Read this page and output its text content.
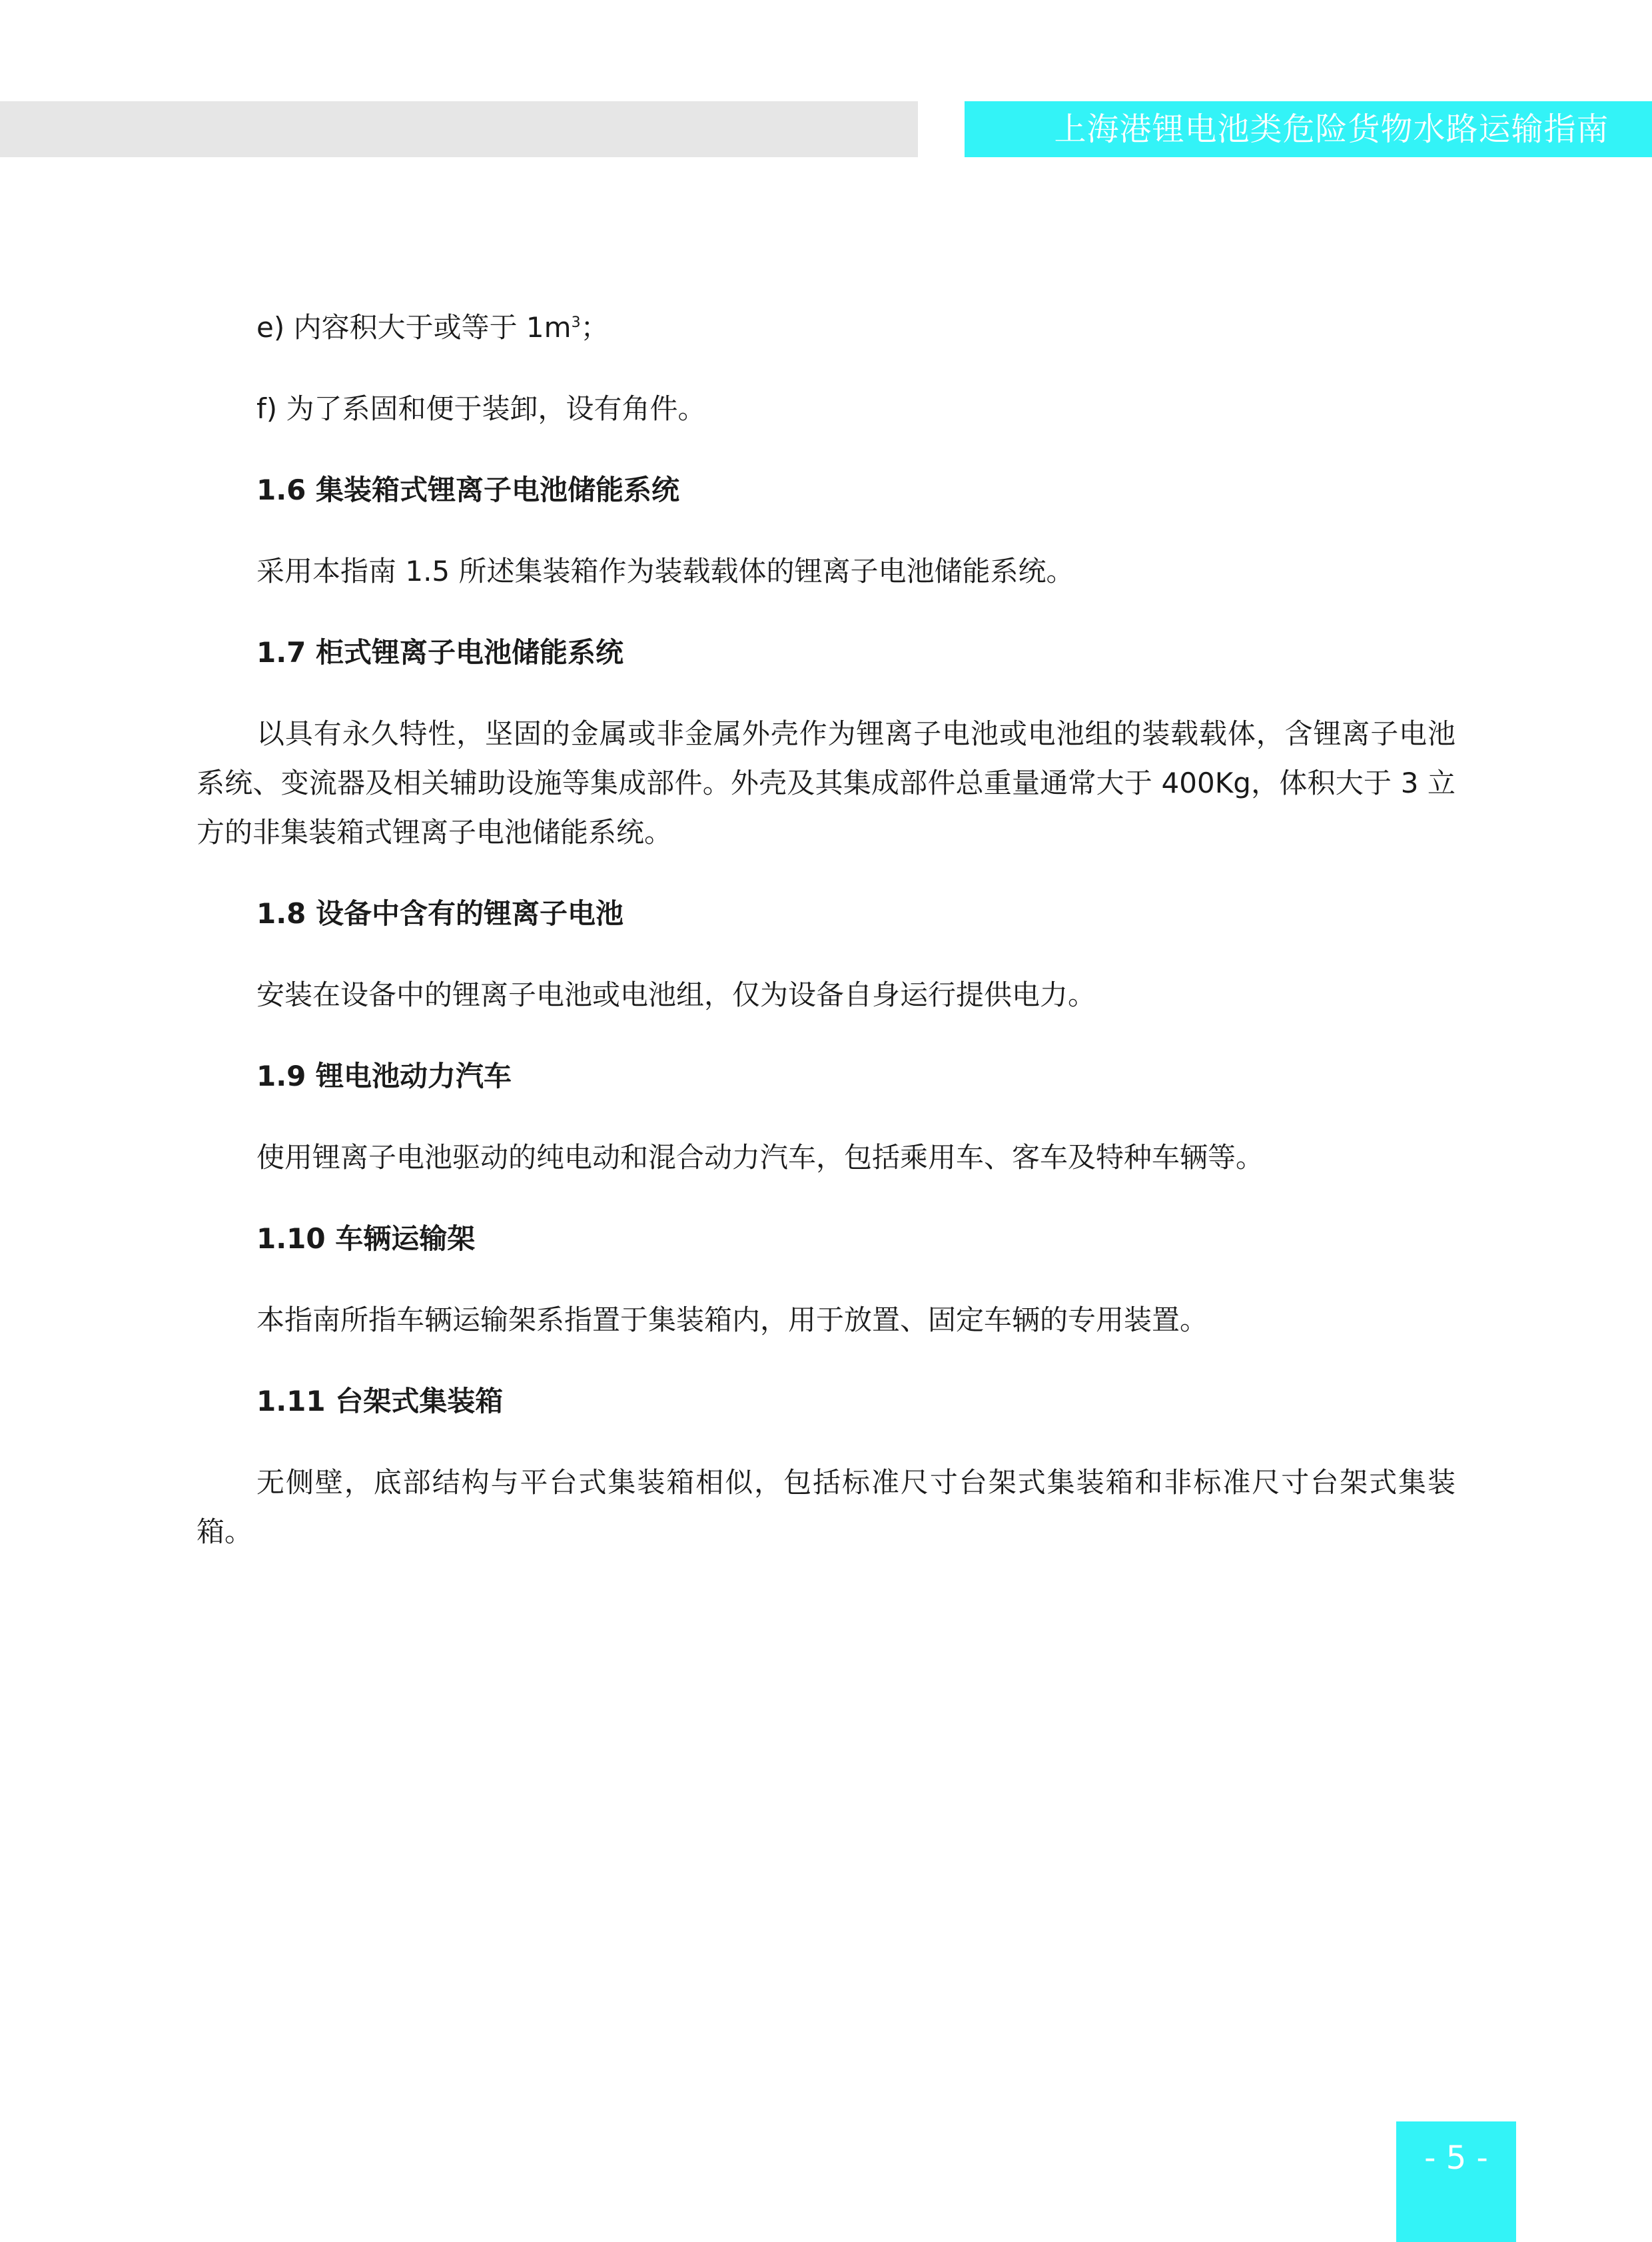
上海港锂电池类危险货物水路运输指南

e) 内容积大于或等于 $1m^3$；

f) 为了系固和便于装卸，设有角件。

1.6 集装箱式锂离子电池储能系统

采用本指南 1.5 所述集装箱作为装载载体的锂离子电池储能系统。

1.7 柜式锂离子电池储能系统

以具有永久特性，坚固的金属或非金属外壳作为锂离子电池或电池组的装载载体，含锂离子电池系统、变流器及相关辅助设施等集成部件。外壳及其集成部件总重量通常大于 400Kg，体积大于 3 立方的非集装箱式锂离子电池储能系统。

1.8 设备中含有的锂离子电池

安装在设备中的锂离子电池或电池组，仅为设备自身运行提供电力。

1.9 锂电池动力汽车

使用锂离子电池驱动的纯电动和混合动力汽车，包括乘用车、客车及特种车辆等。

1.10 车辆运输架

本指南所指车辆运输架系指置于集装箱内，用于放置、固定车辆的专用装置。

1.11 台架式集装箱

无侧壁，底部结构与平台式集装箱相似，包括标准尺寸台架式集装箱和非标准尺寸台架式集装箱。

- 5 -
